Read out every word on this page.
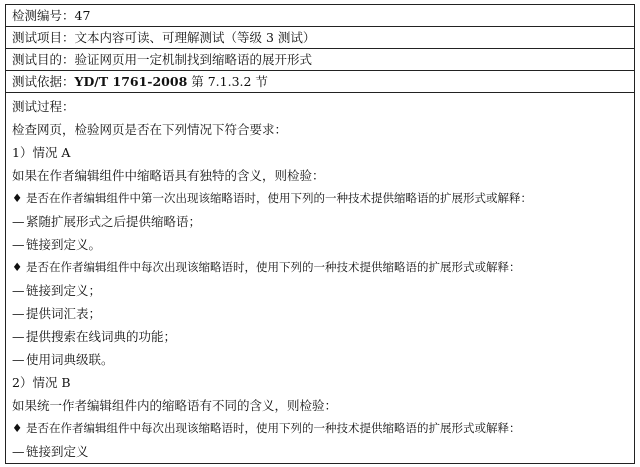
检测编号：47
测试项目：文本内容可读、可理解测试（等级 3 测试）
测试目的：验证网页用一定机制找到缩略语的展开形式
测试依据：YD/T 1761-2008 第 7.1.3.2 节
测试过程：
检查网页，检验网页是否在下列情况下符合要求：
1）情况 A
如果在作者编辑组件中缩略语具有独特的含义，则检验：
♦ 是否在作者编辑组件中第一次出现该缩略语时，使用下列的一种技术提供缩略语的扩展形式或解释：
— 紧随扩展形式之后提供缩略语；
— 链接到定义。
♦ 是否在作者编辑组件中每次出现该缩略语时，使用下列的一种技术提供缩略语的扩展形式或解释：
— 链接到定义；
— 提供词汇表；
— 提供搜索在线词典的功能；
— 使用词典级联。
2）情况 B
如果统一作者编辑组件内的缩略语有不同的含义，则检验：
♦ 是否在作者编辑组件中每次出现该缩略语时，使用下列的一种技术提供缩略语的扩展形式或解释：
— 链接到定义
